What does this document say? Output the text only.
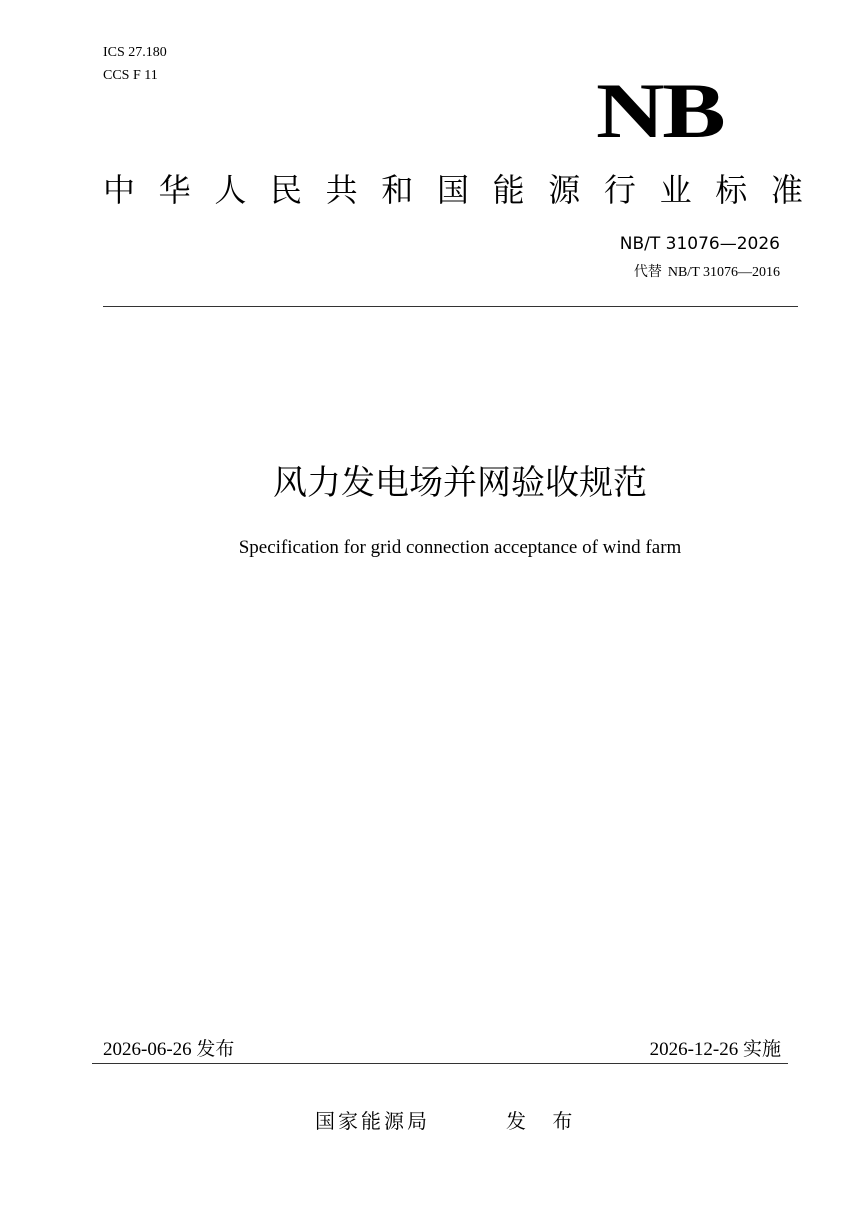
ICS 27.180
CCS F 11	NB
中 华 人 民 共 和 国 能 源 行 业 标 准
NB/T 31076—2026
代替 NB/T 31076—2016
风力发电场并网验收规范
Specification for grid connection acceptance of wind farm
2026-06-26 发布	2026-12-26 实施
国家能源局	发 布
